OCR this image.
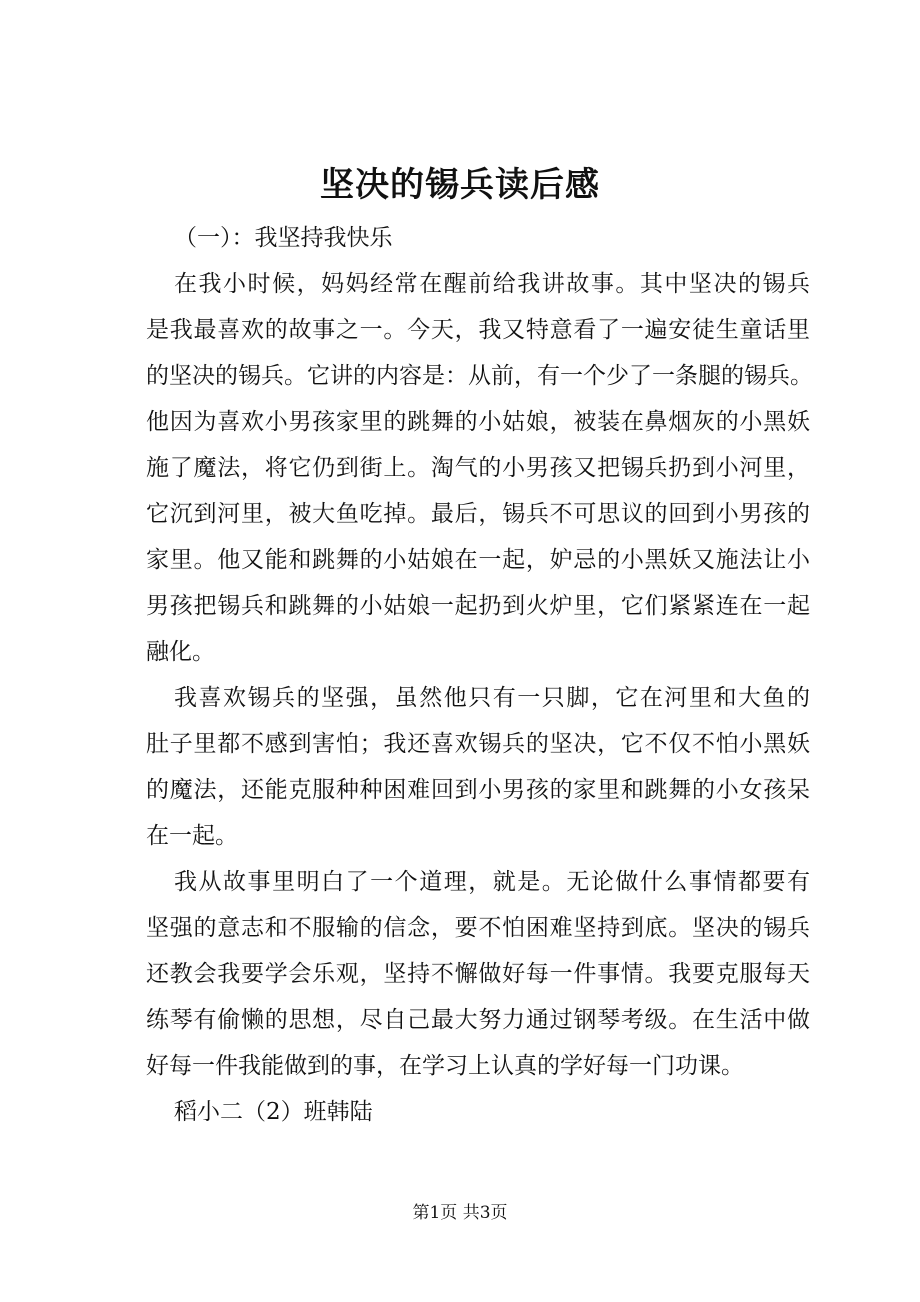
坚决的锡兵读后感
（一）：我坚持我快乐
在我小时候，妈妈经常在醒前给我讲故事。其中坚决的锡兵
是我最喜欢的故事之一。今天，我又特意看了一遍安徒生童话里
的坚决的锡兵。它讲的内容是：从前，有一个少了一条腿的锡兵。
他因为喜欢小男孩家里的跳舞的小姑娘，被装在鼻烟灰的小黑妖
施了魔法，将它仍到街上。淘气的小男孩又把锡兵扔到小河里，
它沉到河里，被大鱼吃掉。最后，锡兵不可思议的回到小男孩的
家里。他又能和跳舞的小姑娘在一起，妒忌的小黑妖又施法让小
男孩把锡兵和跳舞的小姑娘一起扔到火炉里，它们紧紧连在一起
融化。
我喜欢锡兵的坚强，虽然他只有一只脚，它在河里和大鱼的
肚子里都不感到害怕；我还喜欢锡兵的坚决，它不仅不怕小黑妖
的魔法，还能克服种种困难回到小男孩的家里和跳舞的小女孩呆
在一起。
我从故事里明白了一个道理，就是。无论做什么事情都要有
坚强的意志和不服输的信念，要不怕困难坚持到底。坚决的锡兵
还教会我要学会乐观，坚持不懈做好每一件事情。我要克服每天
练琴有偷懒的思想，尽自己最大努力通过钢琴考级。在生活中做
好每一件我能做到的事，在学习上认真的学好每一门功课。
稻小二（2）班韩陆
第1页 共3页
